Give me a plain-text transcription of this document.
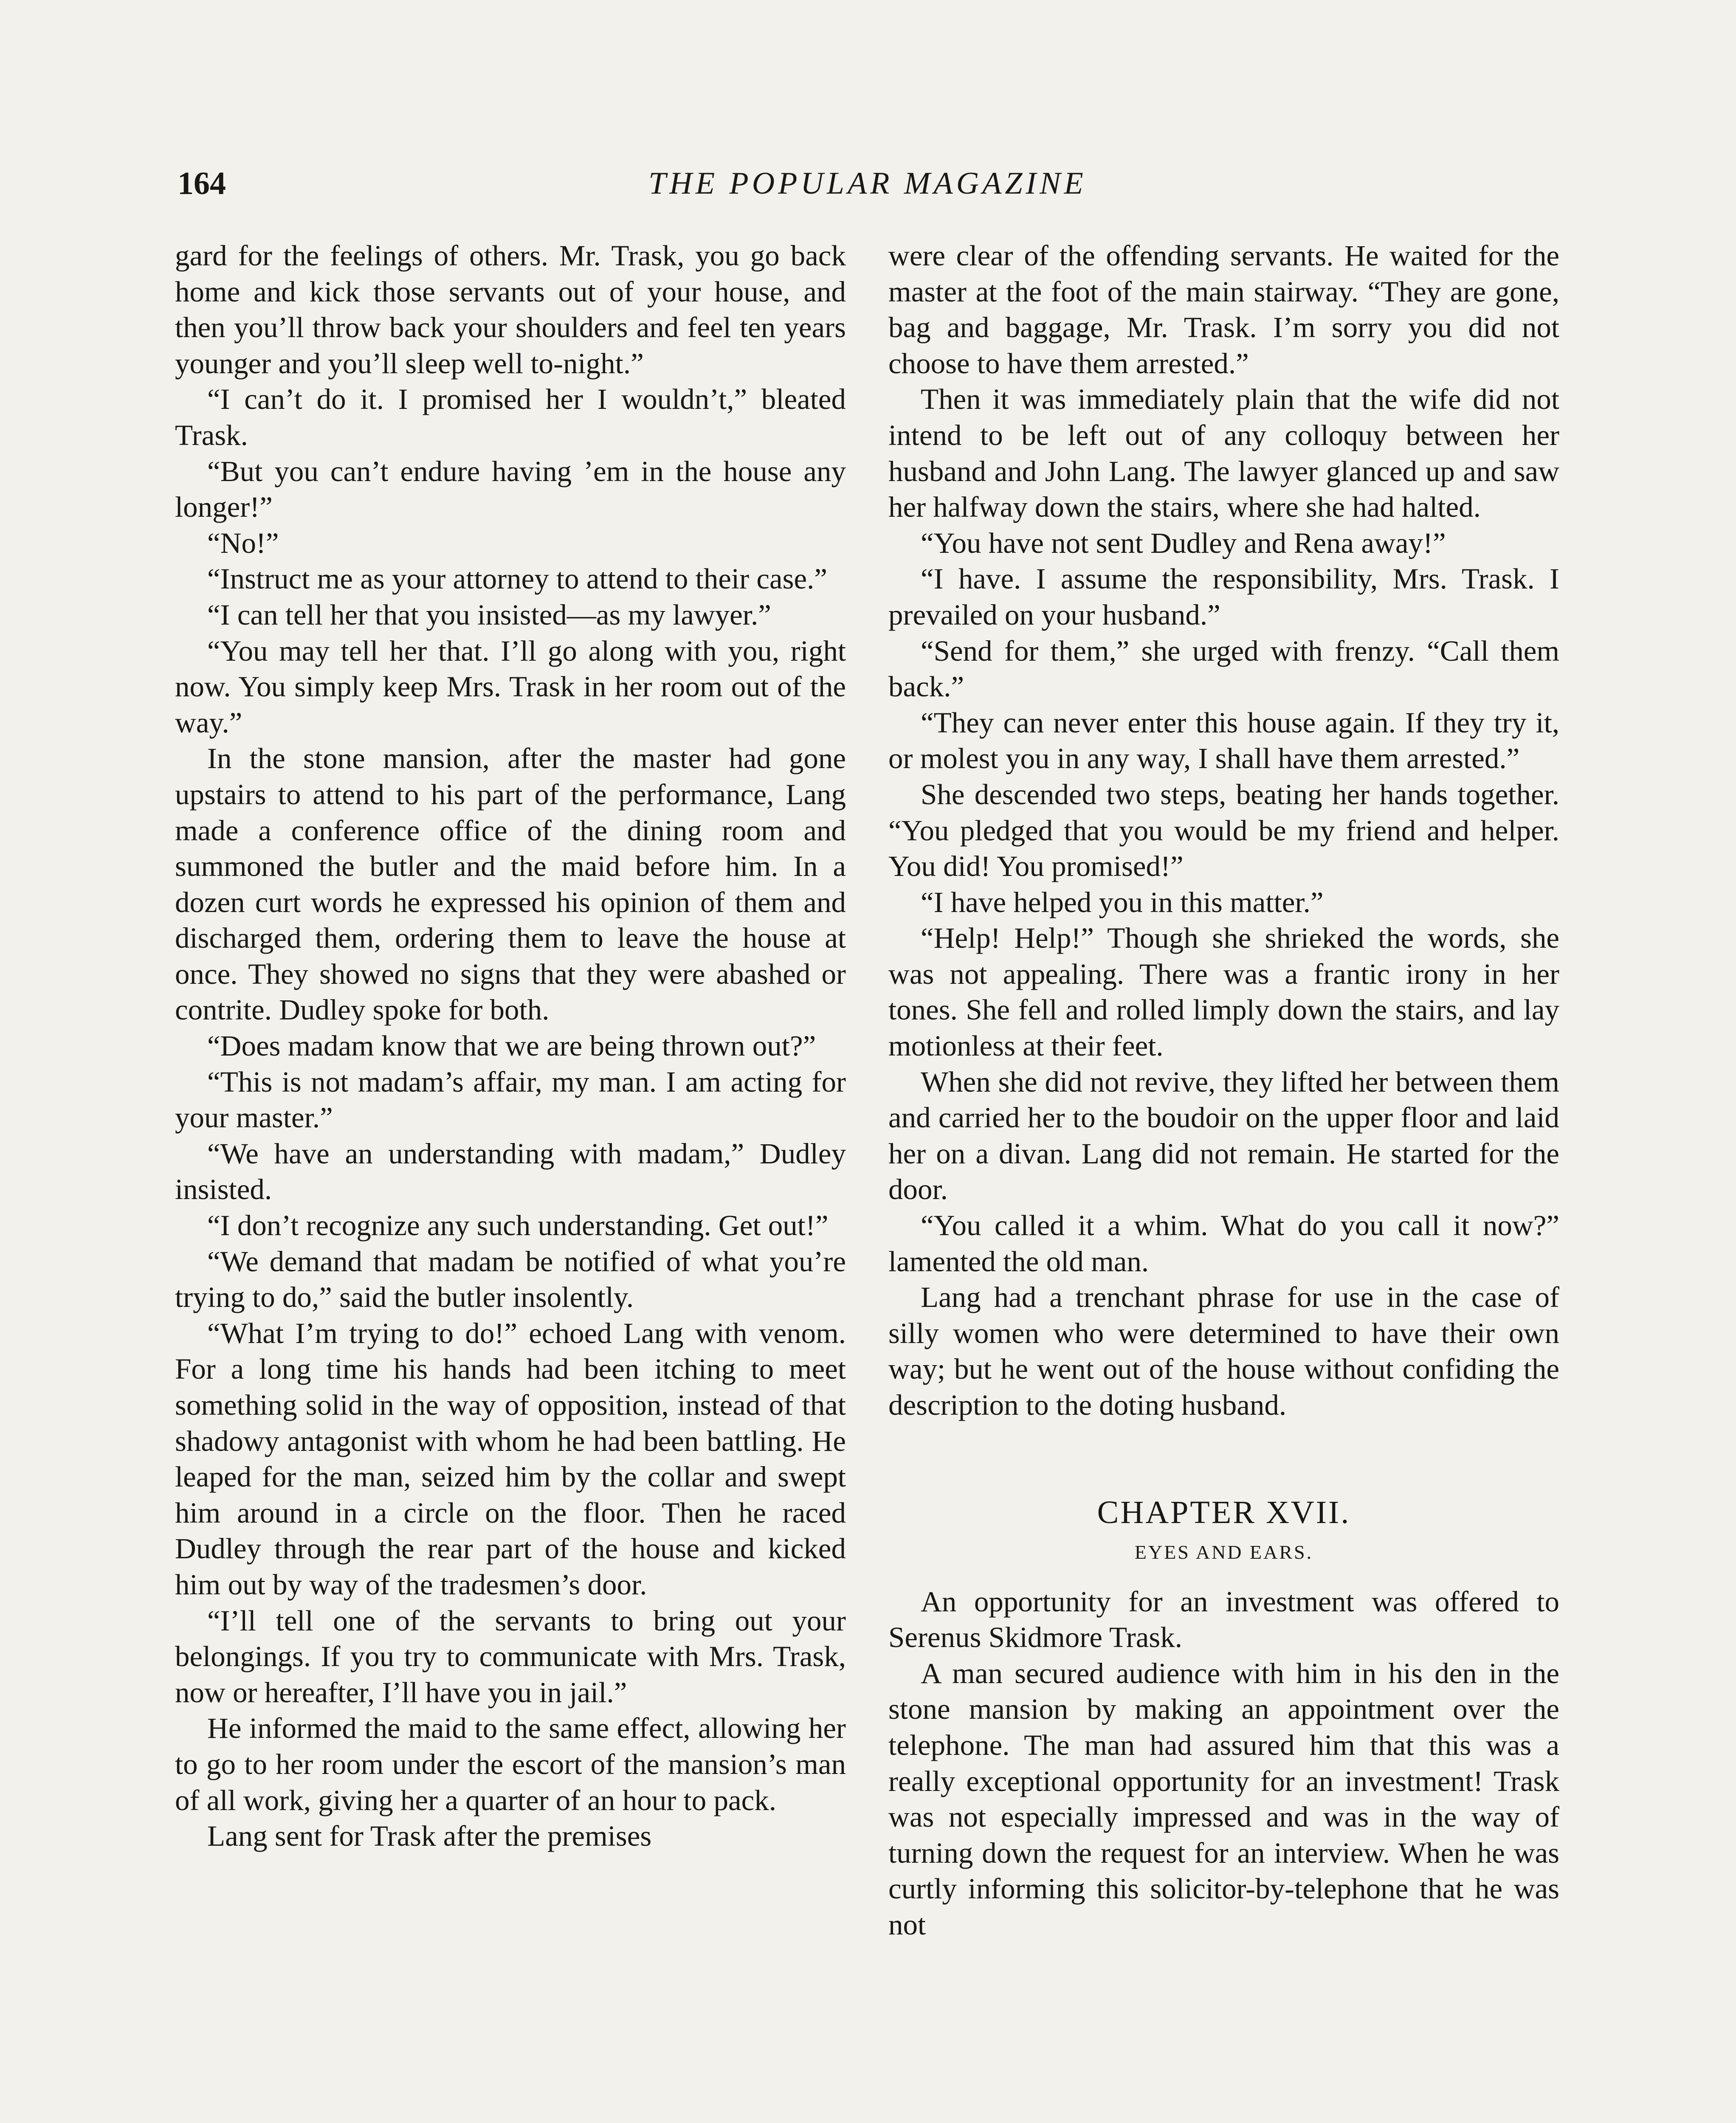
164	THE POPULAR MAGAZINE

gard for the feelings of others. Mr. Trask, you go back home and kick those servants out of your house, and then you’ll throw back your shoulders and feel ten years younger and you’ll sleep well to-night.”

“I can’t do it. I promised her I wouldn’t,” bleated Trask.

“But you can’t endure having ’em in the house any longer!”

“No!”

“Instruct me as your attorney to attend to their case.”

“I can tell her that you insisted—as my lawyer.”

“You may tell her that. I’ll go along with you, right now. You simply keep Mrs. Trask in her room out of the way.”

In the stone mansion, after the master had gone upstairs to attend to his part of the performance, Lang made a conference office of the dining room and summoned the butler and the maid before him. In a dozen curt words he expressed his opinion of them and discharged them, ordering them to leave the house at once. They showed no signs that they were abashed or contrite. Dudley spoke for both.

“Does madam know that we are being thrown out?”

“This is not madam’s affair, my man. I am acting for your master.”

“We have an understanding with madam,” Dudley insisted.

“I don’t recognize any such understanding. Get out!”

“We demand that madam be notified of what you’re trying to do,” said the butler insolently.

“What I’m trying to do!” echoed Lang with venom. For a long time his hands had been itching to meet something solid in the way of opposition, instead of that shadowy antagonist with whom he had been battling. He leaped for the man, seized him by the collar and swept him around in a circle on the floor. Then he raced Dudley through the rear part of the house and kicked him out by way of the tradesmen’s door.

“I’ll tell one of the servants to bring out your belongings. If you try to communicate with Mrs. Trask, now or hereafter, I’ll have you in jail.”

He informed the maid to the same effect, allowing her to go to her room under the escort of the mansion’s man of all work, giving her a quarter of an hour to pack.

Lang sent for Trask after the premises

were clear of the offending servants. He waited for the master at the foot of the main stairway. “They are gone, bag and baggage, Mr. Trask. I’m sorry you did not choose to have them arrested.”

Then it was immediately plain that the wife did not intend to be left out of any colloquy between her husband and John Lang. The lawyer glanced up and saw her halfway down the stairs, where she had halted.

“You have not sent Dudley and Rena away!”

“I have. I assume the responsibility, Mrs. Trask. I prevailed on your husband.”

“Send for them,” she urged with frenzy. “Call them back.”

“They can never enter this house again. If they try it, or molest you in any way, I shall have them arrested.”

She descended two steps, beating her hands together. “You pledged that you would be my friend and helper. You did! You promised!”

“I have helped you in this matter.”

“Help! Help!” Though she shrieked the words, she was not appealing. There was a frantic irony in her tones. She fell and rolled limply down the stairs, and lay motionless at their feet.

When she did not revive, they lifted her between them and carried her to the boudoir on the upper floor and laid her on a divan. Lang did not remain. He started for the door.

“You called it a whim. What do you call it now?” lamented the old man.

Lang had a trenchant phrase for use in the case of silly women who were determined to have their own way; but he went out of the house without confiding the description to the doting husband.

CHAPTER XVII.
EYES AND EARS.

An opportunity for an investment was offered to Serenus Skidmore Trask.

A man secured audience with him in his den in the stone mansion by making an appointment over the telephone. The man had assured him that this was a really exceptional opportunity for an investment! Trask was not especially impressed and was in the way of turning down the request for an interview. When he was curtly informing this solicitor-by-telephone that he was not
